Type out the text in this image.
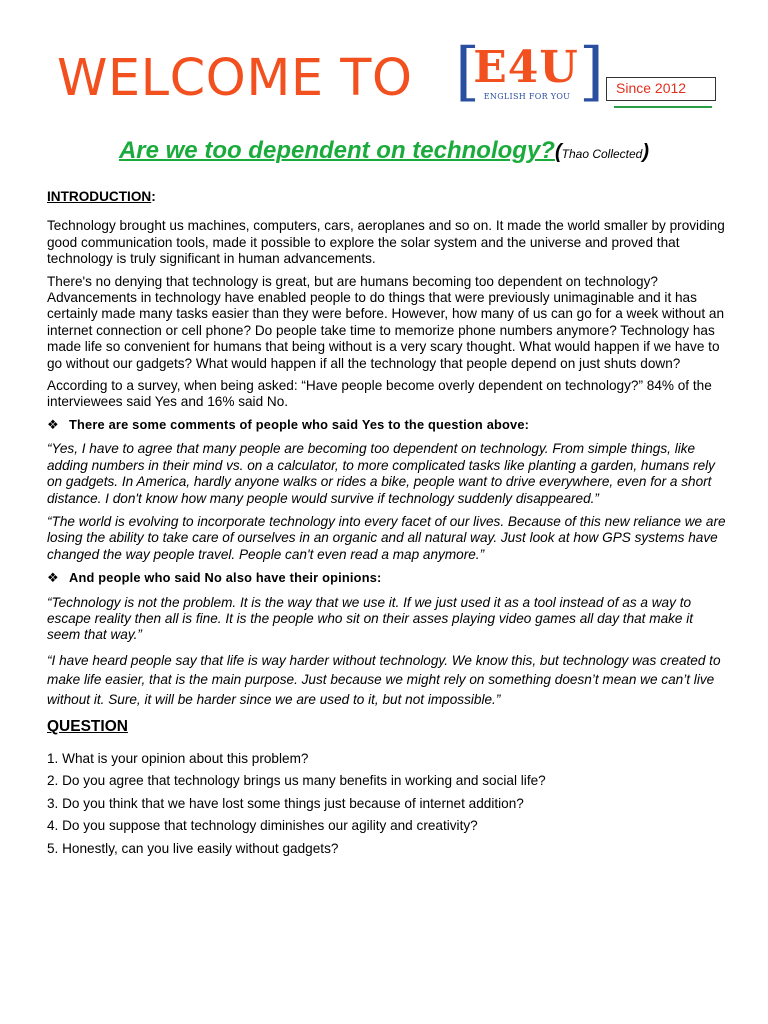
WELCOME TO [
E4U ]
ENGLISH FOR YOU
Since 2012
Are we too dependent on technology?(Thao Collected)
INTRODUCTION:

Technology brought us machines, computers, cars, aeroplanes and so on. It made the world smaller by providing good communication tools, made it possible to explore the solar system and the universe and proved that technology is truly significant in human advancements.

There's no denying that technology is great, but are humans becoming too dependent on technology? Advancements in technology have enabled people to do things that were previously unimaginable and it has certainly made many tasks easier than they were before. However, how many of us can go for a week without an internet connection or cell phone? Do people take time to memorize phone numbers anymore? Technology has made life so convenient for humans that being without is a very scary thought. What would happen if we have to go without our gadgets? What would happen if all the technology that people depend on just shuts down?

According to a survey, when being asked: “Have people become overly dependent on technology?” 84% of the interviewees said Yes and 16% said No.

❖ There are some comments of people who said Yes to the question above:

“Yes, I have to agree that many people are becoming too dependent on technology. From simple things, like adding numbers in their mind vs. on a calculator, to more complicated tasks like planting a garden, humans rely on gadgets. In America, hardly anyone walks or rides a bike, people want to drive everywhere, even for a short distance. I don't know how many people would survive if technology suddenly disappeared.”

“The world is evolving to incorporate technology into every facet of our lives. Because of this new reliance we are losing the ability to take care of ourselves in an organic and all natural way. Just look at how GPS systems have changed the way people travel. People can't even read a map anymore.”

❖ And people who said No also have their opinions:

“Technology is not the problem. It is the way that we use it. If we just used it as a tool instead of as a way to escape reality then all is fine. It is the people who sit on their asses playing video games all day that make it seem that way.”

“I have heard people say that life is way harder without technology. We know this, but technology was created to make life easier, that is the main purpose. Just because we might rely on something doesn’t mean we can’t live without it. Sure, it will be harder since we are used to it, but not impossible.”

QUESTION

1. What is your opinion about this problem?

2. Do you agree that technology brings us many benefits in working and social life?

3. Do you think that we have lost some things just because of internet addition?

4. Do you suppose that technology diminishes our agility and creativity?

5. Honestly, can you live easily without gadgets?
